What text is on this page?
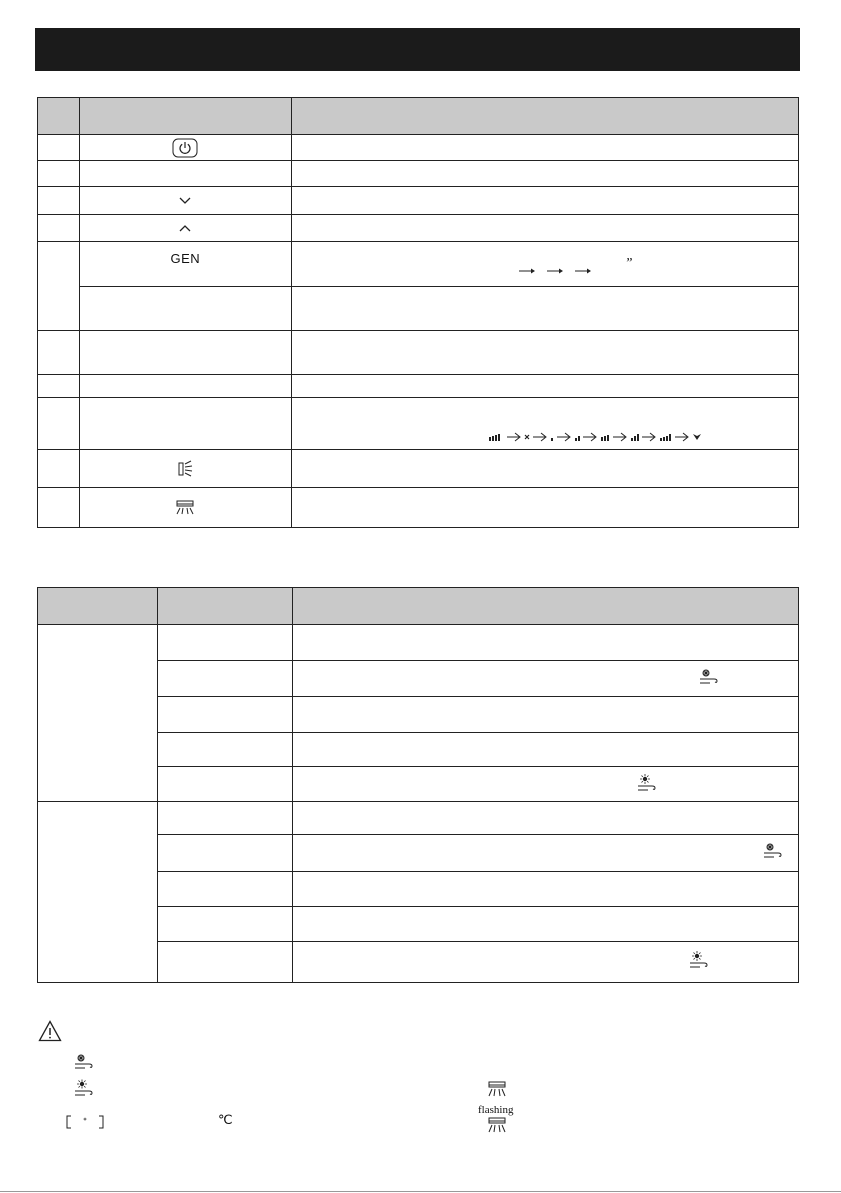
	GEN	”

℃
flashing
